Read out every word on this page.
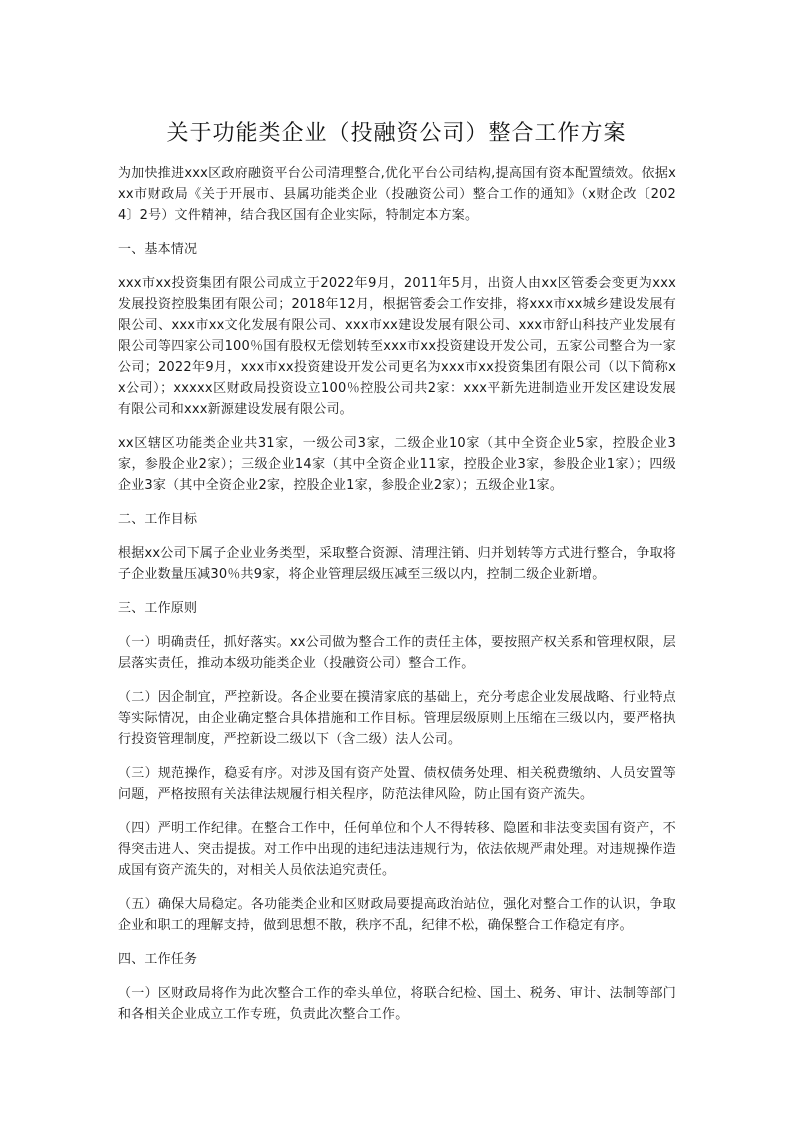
关于功能类企业（投融资公司）整合工作方案

为加快推进xxx区政府融资平台公司清理整合,优化平台公司结构,提高国有资本配置绩效。依据xxx市财政局《关于开展市、县属功能类企业（投融资公司）整合工作的通知》（x财企改〔2024〕2号）文件精神，结合我区国有企业实际，特制定本方案。

一、基本情况

xxx市xx投资集团有限公司成立于2022年9月，2011年5月，出资人由xx区管委会变更为xxx发展投资控股集团有限公司；2018年12月，根据管委会工作安排，将xxx市xx城乡建设发展有限公司、xxx市xx文化发展有限公司、xxx市xx建设发展有限公司、xxx市舒山科技产业发展有限公司等四家公司100％国有股权无偿划转至xxx市xx投资建设开发公司，五家公司整合为一家公司；2022年9月，xxx市xx投资建设开发公司更名为xxx市xx投资集团有限公司（以下简称xx公司）；xxxxx区财政局投资设立100％控股公司共2家：xxx平新先进制造业开发区建设发展有限公司和xxx新源建设发展有限公司。

xx区辖区功能类企业共31家，一级公司3家，二级企业10家（其中全资企业5家，控股企业3家，参股企业2家）；三级企业14家（其中全资企业11家，控股企业3家，参股企业1家）；四级企业3家（其中全资企业2家，控股企业1家，参股企业2家）；五级企业1家。

二、工作目标

根据xx公司下属子企业业务类型，采取整合资源、清理注销、归并划转等方式进行整合，争取将子企业数量压减30％共9家，将企业管理层级压减至三级以内，控制二级企业新增。

三、工作原则

（一）明确责任，抓好落实。xx公司做为整合工作的责任主体，要按照产权关系和管理权限，层层落实责任，推动本级功能类企业（投融资公司）整合工作。

（二）因企制宜，严控新设。各企业要在摸清家底的基础上，充分考虑企业发展战略、行业特点等实际情况，由企业确定整合具体措施和工作目标。管理层级原则上压缩在三级以内，要严格执行投资管理制度，严控新设二级以下（含二级）法人公司。

（三）规范操作，稳妥有序。对涉及国有资产处置、债权债务处理、相关税费缴纳、人员安置等问题，严格按照有关法律法规履行相关程序，防范法律风险，防止国有资产流失。

（四）严明工作纪律。在整合工作中，任何单位和个人不得转移、隐匿和非法变卖国有资产，不得突击进人、突击提拔。对工作中出现的违纪违法违规行为，依法依规严肃处理。对违规操作造成国有资产流失的，对相关人员依法追究责任。

（五）确保大局稳定。各功能类企业和区财政局要提高政治站位，强化对整合工作的认识，争取企业和职工的理解支持，做到思想不散，秩序不乱，纪律不松，确保整合工作稳定有序。

四、工作任务

（一）区财政局将作为此次整合工作的牵头单位，将联合纪检、国土、税务、审计、法制等部门和各相关企业成立工作专班，负责此次整合工作。
